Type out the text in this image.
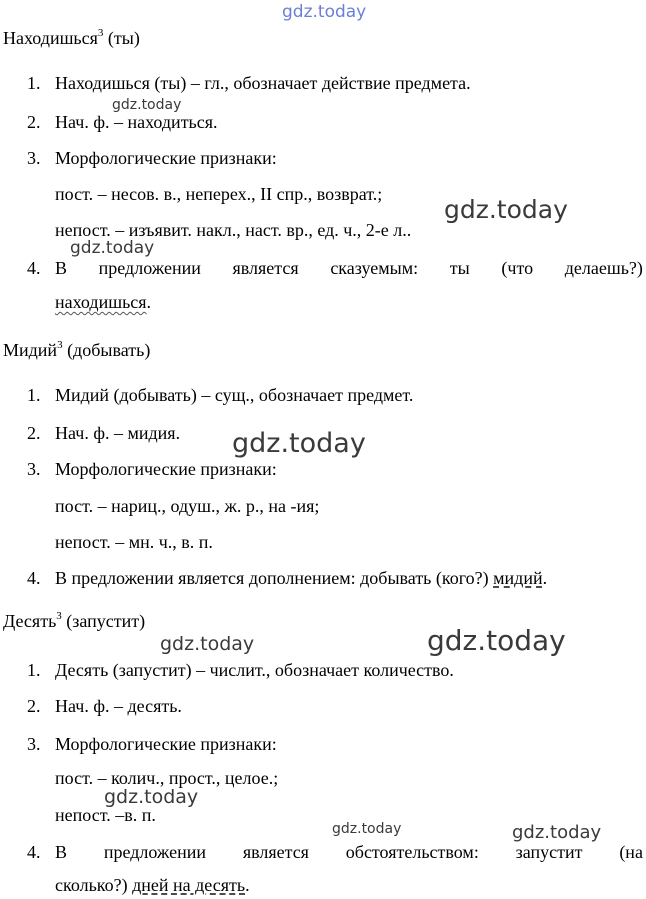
Находишься$^3$ (ты)
1. Находишься (ты) – гл., обозначает действие предмета.
2. Нач. ф. – находиться.
3. Морфологические признаки:
пост. – несов. в., неперех., II спр., возврат.;
непост. – изъявит. накл., наст. вр., ед. ч., 2-е л..
4. В предложении является сказуемым: ты (что делаешь?)
находишься.
Мидий$^3$ (добывать)
1. Мидий (добывать) – сущ., обозначает предмет.
2. Нач. ф. – мидия.
3. Морфологические признаки:
пост. – нариц., одуш., ж. р., на -ия;
непост. – мн. ч., в. п.
4. В предложении является дополнением: добывать (кого?) мидий.
Десять$^3$ (запустит)
1. Десять (запустит) – числит., обозначает количество.
2. Нач. ф. – десять.
3. Морфологические признаки:
пост. – колич., прост., целое.;
непост. –в. п.
4. В предложении является обстоятельством: запустит (на
сколько?) дней на десять.
gdz.today
gdz.today
gdz.today
gdz.today
gdz.today
gdz.today	gdz.today
gdz.today
gdz.today	gdz.today
